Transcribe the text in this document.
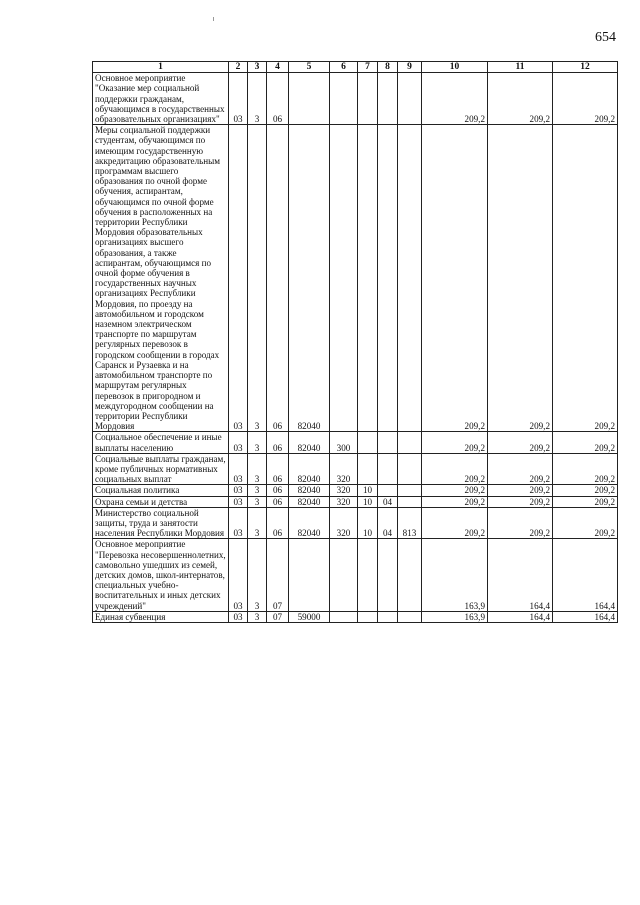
654
1	2	3	4	5	6	7	8	9	10	11	12
Основное мероприятие "Оказание мер социальной поддержки гражданам, обучающимся в государственных образовательных организациях"	03	3	06						209,2	209,2	209,2
Меры социальной поддержки студентам, обучающимся по имеющим государственную аккредитацию образовательным программам высшего образования по очной форме обучения, аспирантам, обучающимся по очной форме обучения в расположенных на территории Республики Мордовия образовательных организациях высшего образования, а также аспирантам, обучающимся по очной форме обучения в государственных научных организациях Республики Мордовия, по проезду на автомобильном и городском наземном электрическом транспорте по маршрутам регулярных перевозок в городском сообщении в городах Саранск и Рузаевка и на автомобильном транспорте по маршрутам регулярных перевозок в пригородном и междугородном сообщении на территории Республики Мордовия	03	3	06	82040					209,2	209,2	209,2
Социальное обеспечение и иные выплаты населению	03	3	06	82040	300				209,2	209,2	209,2
Социальные выплаты гражданам, кроме публичных нормативных социальных выплат	03	3	06	82040	320				209,2	209,2	209,2
Социальная политика	03	3	06	82040	320	10			209,2	209,2	209,2
Охрана семьи и детства	03	3	06	82040	320	10	04		209,2	209,2	209,2
Министерство социальной защиты, труда и занятости населения Республики Мордовия	03	3	06	82040	320	10	04	813	209,2	209,2	209,2
Основное мероприятие "Перевозка несовершеннолетних, самовольно ушедших из семей, детских домов, школ-интернатов, специальных учебно-воспитательных и иных детских учреждений"	03	3	07						163,9	164,4	164,4
Единая субвенция	03	3	07	59000					163,9	164,4	164,4
